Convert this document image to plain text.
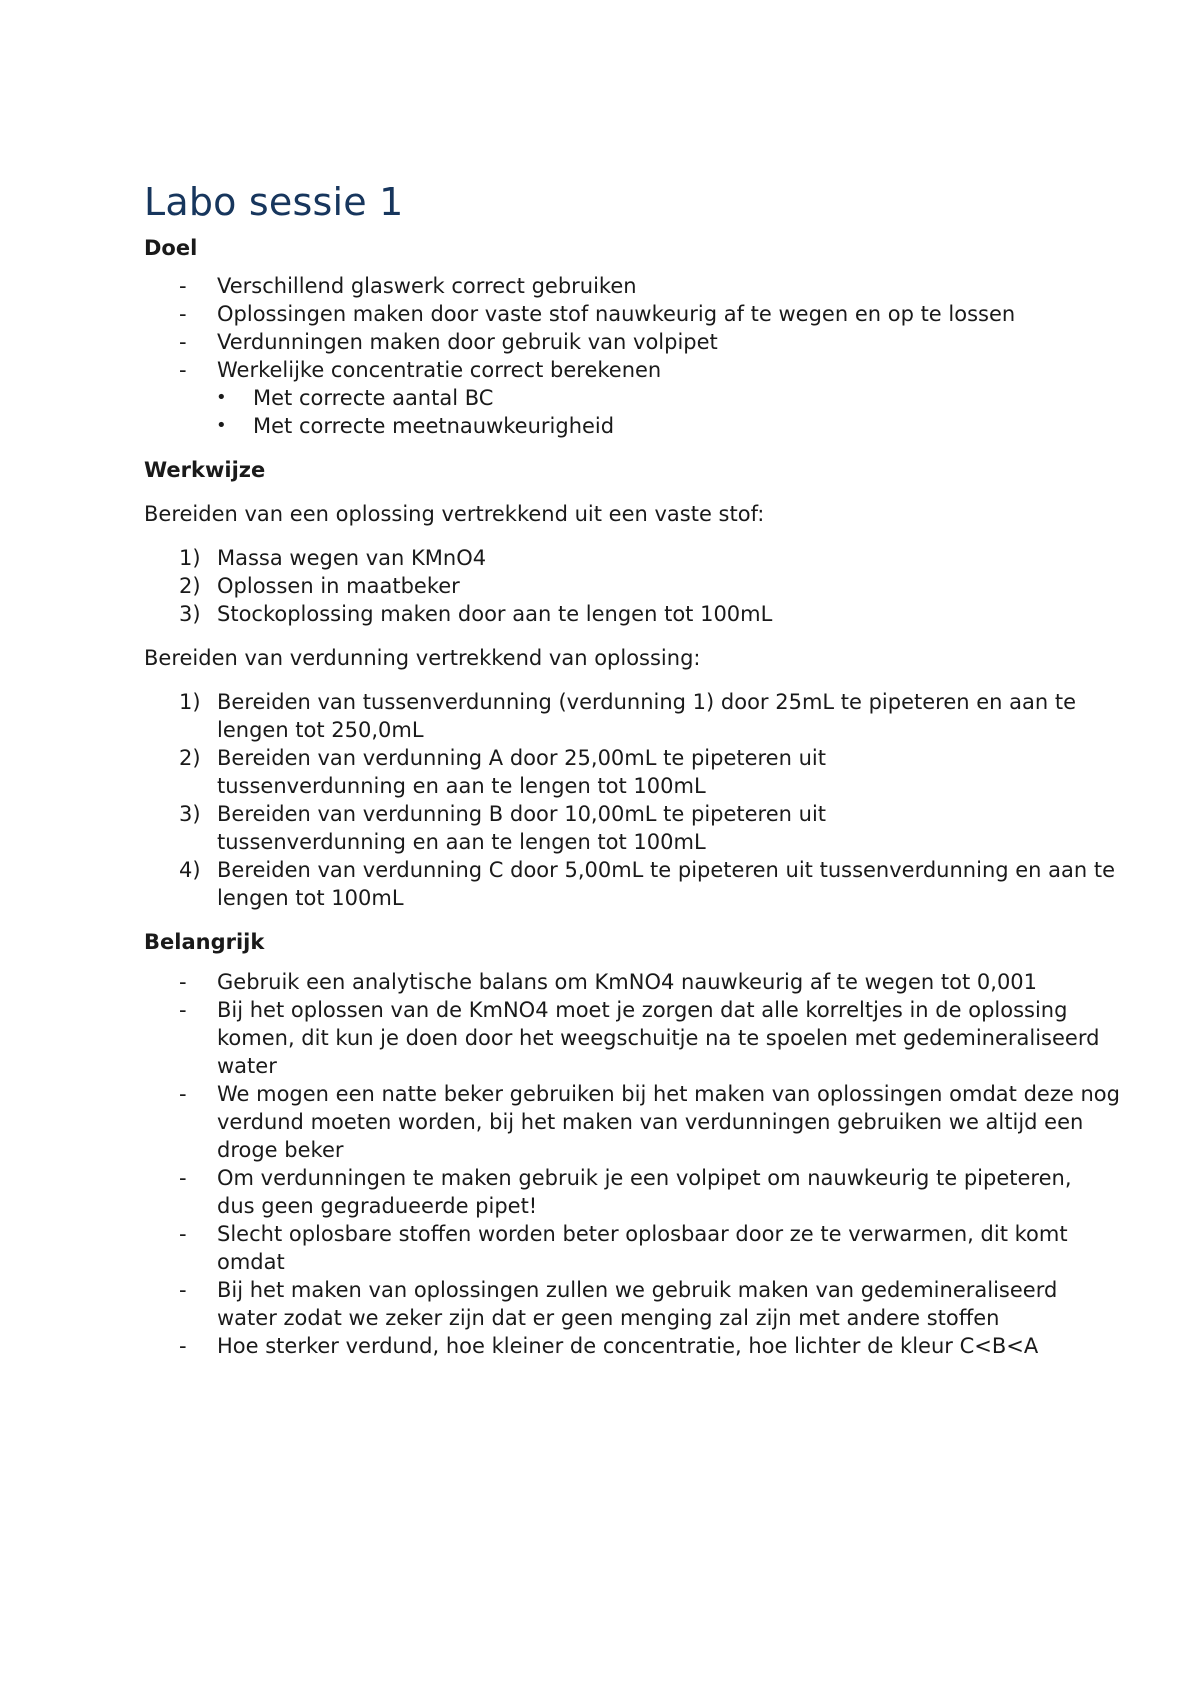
Labo sessie 1
Doel
-	Verschillend glaswerk correct gebruiken
-	Oplossingen maken door vaste stof nauwkeurig af te wegen en op te lossen
-	Verdunningen maken door gebruik van volpipet
-	Werkelijke concentratie correct berekenen
• Met correcte aantal BC
• Met correcte meetnauwkeurigheid
Werkwijze

Bereiden van een oplossing vertrekkend uit een vaste stof:

1) Massa wegen van KMnO4
2) Oplossen in maatbeker
3) Stockoplossing maken door aan te lengen tot 100mL

Bereiden van verdunning vertrekkend van oplossing:

1) Bereiden van tussenverdunning (verdunning 1) door 25mL te pipeteren en aan te lengen tot 250,0mL
2) Bereiden van verdunning A door 25,00mL te pipeteren uit tussenverdunning en aan te lengen tot 100mL
3) Bereiden van verdunning B door 10,00mL te pipeteren uit tussenverdunning en aan te lengen tot 100mL
4) Bereiden van verdunning C door 5,00mL te pipeteren uit tussenverdunning en aan te lengen tot 100mL
Belangrijk
-	Gebruik een analytische balans om KmNO4 nauwkeurig af te wegen tot 0,001
-	Bij het oplossen van de KmNO4 moet je zorgen dat alle korreltjes in de oplossing komen, dit kun je doen door het weegschuitje na te spoelen met gedemineraliseerd water
-	We mogen een natte beker gebruiken bij het maken van oplossingen omdat deze nog verdund moeten worden, bij het maken van verdunningen gebruiken we altijd een droge beker
-	Om verdunningen te maken gebruik je een volpipet om nauwkeurig te pipeteren, dus geen gegradueerde pipet!
-	Slecht oplosbare stoffen worden beter oplosbaar door ze te verwarmen, dit komt omdat
-	Bij het maken van oplossingen zullen we gebruik maken van gedemineraliseerd water zodat we zeker zijn dat er geen menging zal zijn met andere stoffen
-	Hoe sterker verdund, hoe kleiner de concentratie, hoe lichter de kleur C<B<A
